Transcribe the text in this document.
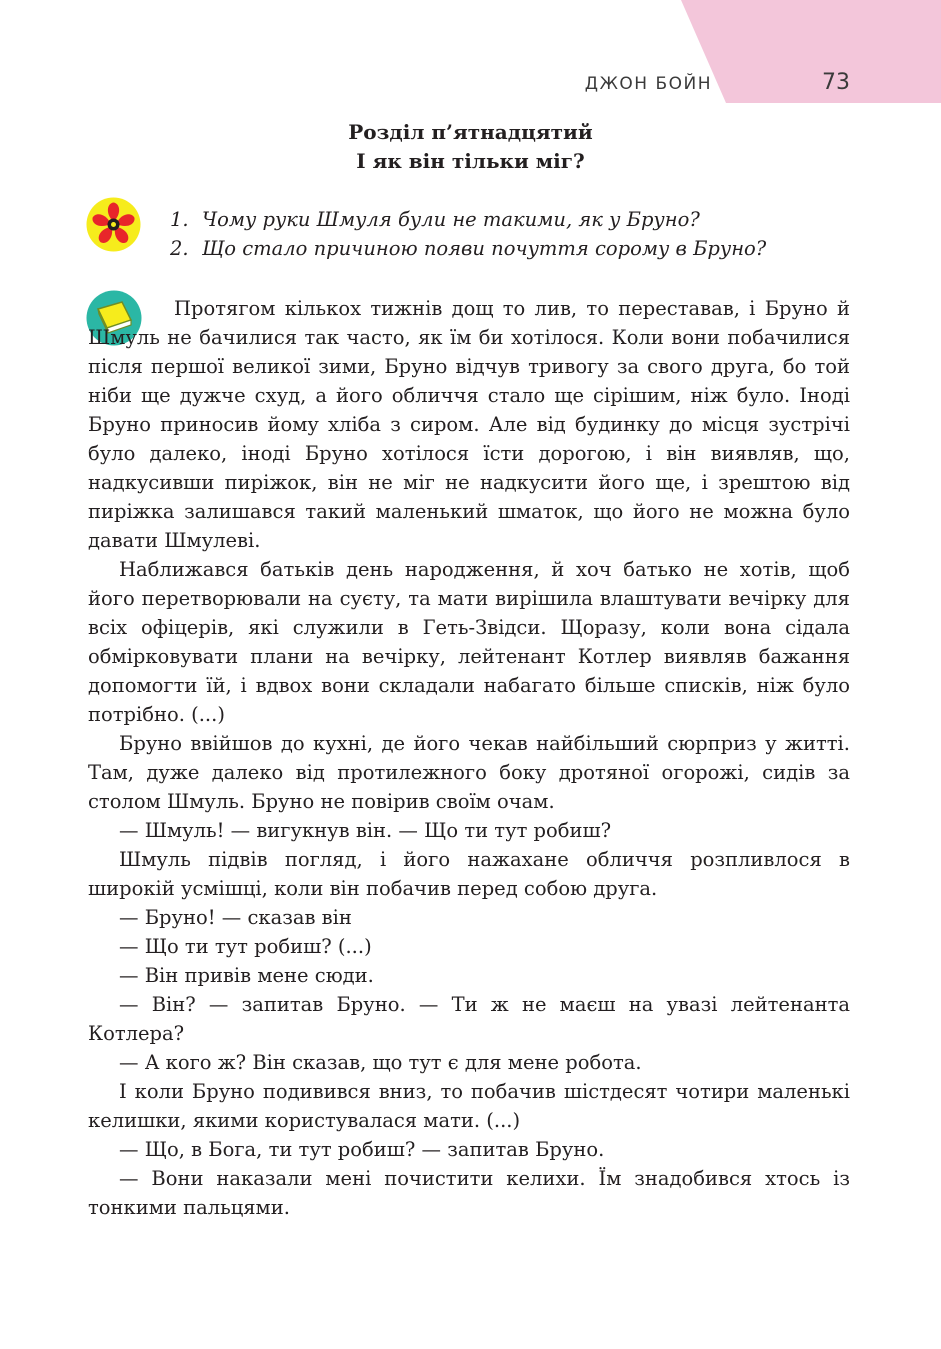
ДЖОН БОЙН	73
Розділ п’ятнадцятий
І як він тільки міг?
1. Чому руки Шмуля були не такими, як у Бруно?
2. Що стало причиною появи почуття сорому в Бруно?

Протягом кількох тижнів дощ то лив, то переставав, і Бруно й Шмуль не бачилися так часто, як їм би хотілося. Коли вони побачилися після першої великої зими, Бруно відчув тривогу за свого друга, бо той ніби ще дужче схуд, а його обличчя стало ще сірішим, ніж було. Іноді Бруно приносив йому хліба з сиром. Але від будинку до місця зустрічі було далеко, іноді Бруно хотілося їсти дорогою, і він виявляв, що, надкусивши пиріжок, він не міг не надкусити його ще, і зрештою від пиріжка залишався такий маленький шматок, що його не можна було давати Шмулеві.

Наближався батьків день народження, й хоч батько не хотів, щоб його перетворювали на суєту, та мати вирішила влаштувати вечірку для всіх офіцерів, які служили в Геть-Звідси. Щоразу, коли вона сідала обмірковувати плани на вечірку, лейтенант Котлер виявляв бажання допомогти їй, і вдвох вони складали набагато більше списків, ніж було потрібно. (...)

Бруно ввійшов до кухні, де його чекав найбільший сюрприз у житті. Там, дуже далеко від протилежного боку дротяної огорожі, сидів за столом Шмуль. Бруно не повірив своїм очам.

— Шмуль! — вигукнув він. — Що ти тут робиш?

Шмуль підвів погляд, і його нажахане обличчя розпливлося в широкій усмішці, коли він побачив перед собою друга.

— Бруно! — сказав він

— Що ти тут робиш? (...)

— Він привів мене сюди.

— Він? — запитав Бруно. — Ти ж не маєш на увазі лейтенанта Котлера?

— А кого ж? Він сказав, що тут є для мене робота.

І коли Бруно подивився вниз, то побачив шістдесят чотири маленькі келишки, якими користувалася мати. (...)

— Що, в Бога, ти тут робиш? — запитав Бруно.

— Вони наказали мені почистити келихи. Їм знадобився хтось із тонкими пальцями.
